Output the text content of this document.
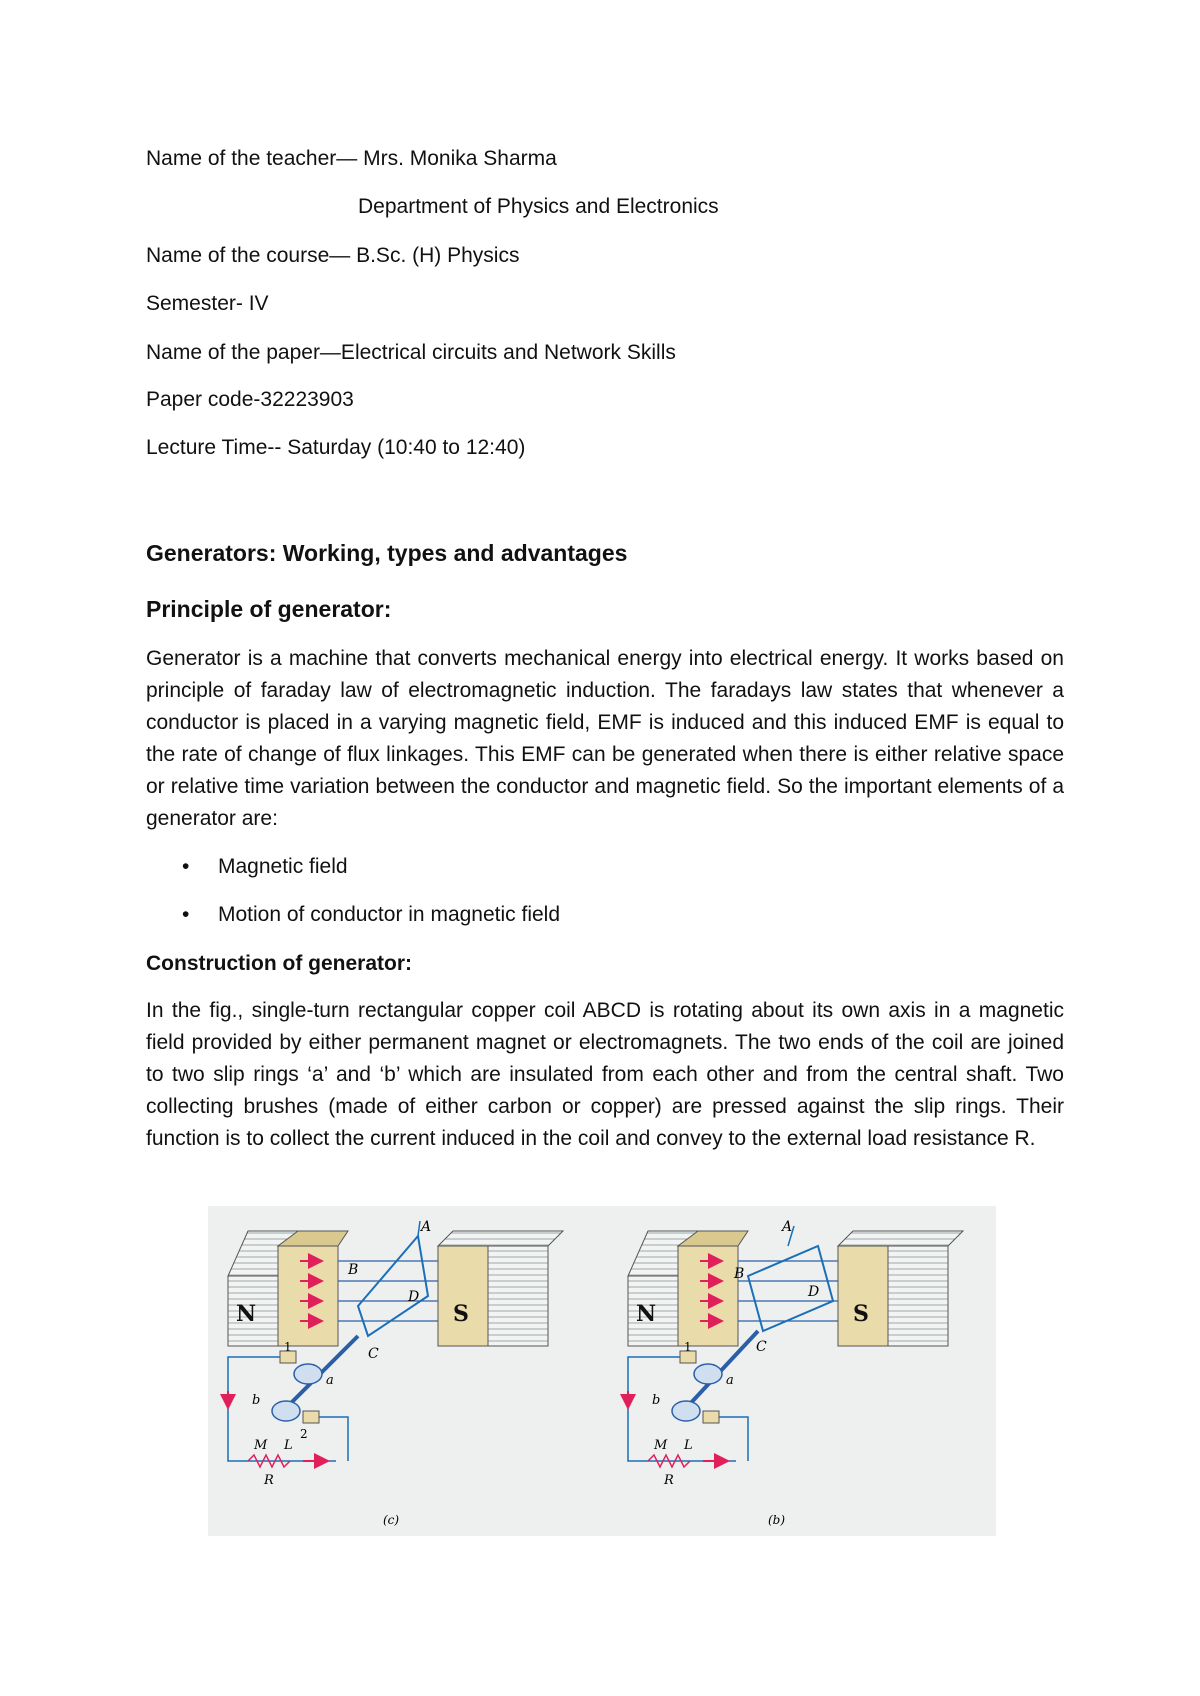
Name of the teacher— Mrs. Monika Sharma
Department of Physics and Electronics
Name of the course— B.Sc. (H) Physics
Semester- IV
Name of the paper—Electrical circuits and Network Skills
Paper code-32223903
Lecture Time-- Saturday (10:40 to 12:40)
Generators: Working, types and advantages
Principle of generator:
Generator is a machine that converts mechanical energy into electrical energy. It works based on principle of faraday law of electromagnetic induction. The faradays law states that whenever a conductor is placed in a varying magnetic field, EMF is induced and this induced EMF is equal to the rate of change of flux linkages. This EMF can be generated when there is either relative space or relative time variation between the conductor and magnetic field. So the important elements of a generator are:
• Magnetic field
• Motion of conductor in magnetic field
Construction of generator:
In the fig., single-turn rectangular copper coil ABCD is rotating about its own axis in a magnetic field provided by either permanent magnet or electromagnets. The two ends of the coil are joined to two slip rings ‘a’ and ‘b’ which are insulated from each other and from the central shaft. Two collecting brushes (made of either carbon or copper) are pressed against the slip rings. Their function is to collect the current induced in the coil and convey to the external load resistance R.
N	S
A
B
D
C
1
2
a
b
M L
R
(c)
N	S
A
B
D
C
1
a
b
M L
R
(b)
